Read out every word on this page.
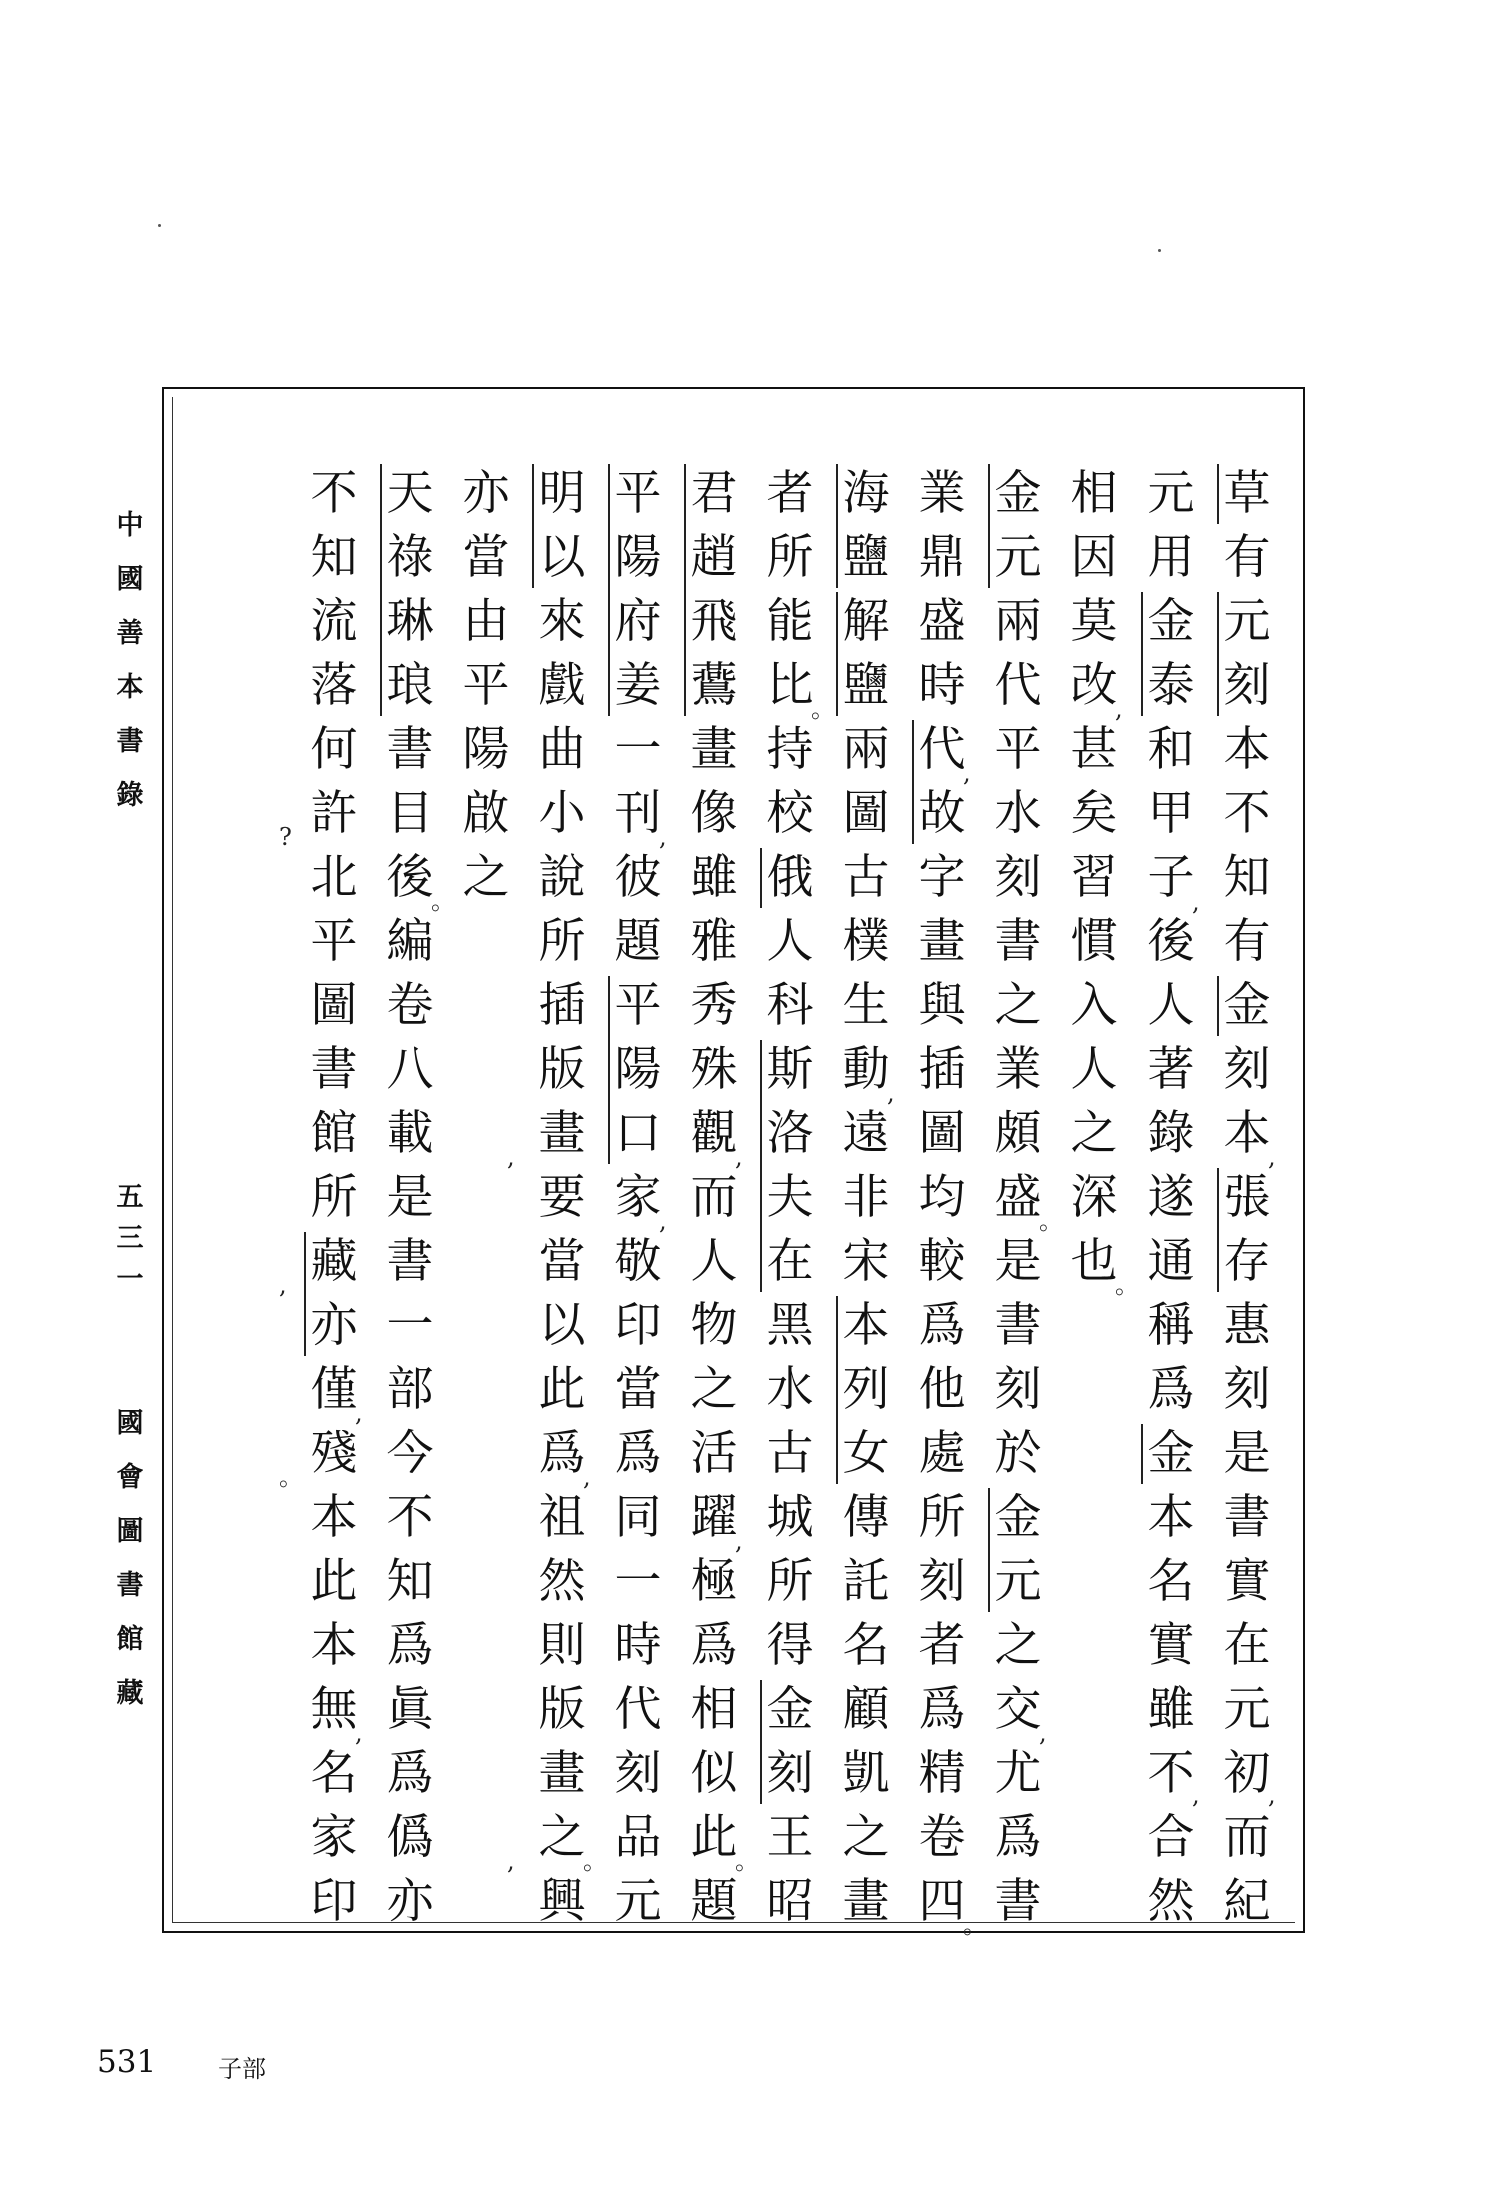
中
國
善
本
書
錄
五
三
一
國
會
圖
書
館
藏
草
有
元
刻
本
不
知
有
金
刻
本
張
存
惠
刻
是
書
實
在
元
初
而
紀
元
用
金
泰
和
甲
子
後
人
著
錄
遂
通
稱
爲
金
本
名
實
雖
不
合
然
相
因
莫
改
甚
矣
習
慣
入
人
之
深
也
金
元
兩
代
平
水
刻
書
之
業
頗
盛
是
書
刻
於
金
元
之
交
尤
爲
書
業
鼎
盛
時
代
故
字
畫
與
插
圖
均
較
爲
他
處
所
刻
者
爲
精
卷
四
海
鹽
解
鹽
兩
圖
古
樸
生
動
遠
非
宋
本
列
女
傳
託
名
顧
凱
之
畫
者
所
能
比
持
校
俄
人
科
斯
洛
夫
在
黑
水
古
城
所
得
金
刻
王
昭
君
趙
飛
鷰
畫
像
雖
雅
秀
殊
觀
而
人
物
之
活
躍
極
爲
相
似
此
題
平
陽
府
姜
一
刊
彼
題
平
陽
口
家
敬
印
當
爲
同
一
時
代
刻
品
元
明
以
來
戲
曲
小
說
所
插
版
畫
要
當
以
此
爲
祖
然
則
版
畫
之
興
亦
當
由
平
陽
啟
之
天
祿
琳
琅
書
目
後
編
卷
八
載
是
書
一
部
今
不
知
爲
眞
爲
僞
亦
不
知
流
落
何
許
北
平
圖
書
館
所
藏
亦
僅
殘
本
此
本
無
名
家
印
,
,
,
,
,
。
。
,
,
。
,
。
,
,
。
,
,
,
。
,
,
。
,
,
?
,
。
531	子部
